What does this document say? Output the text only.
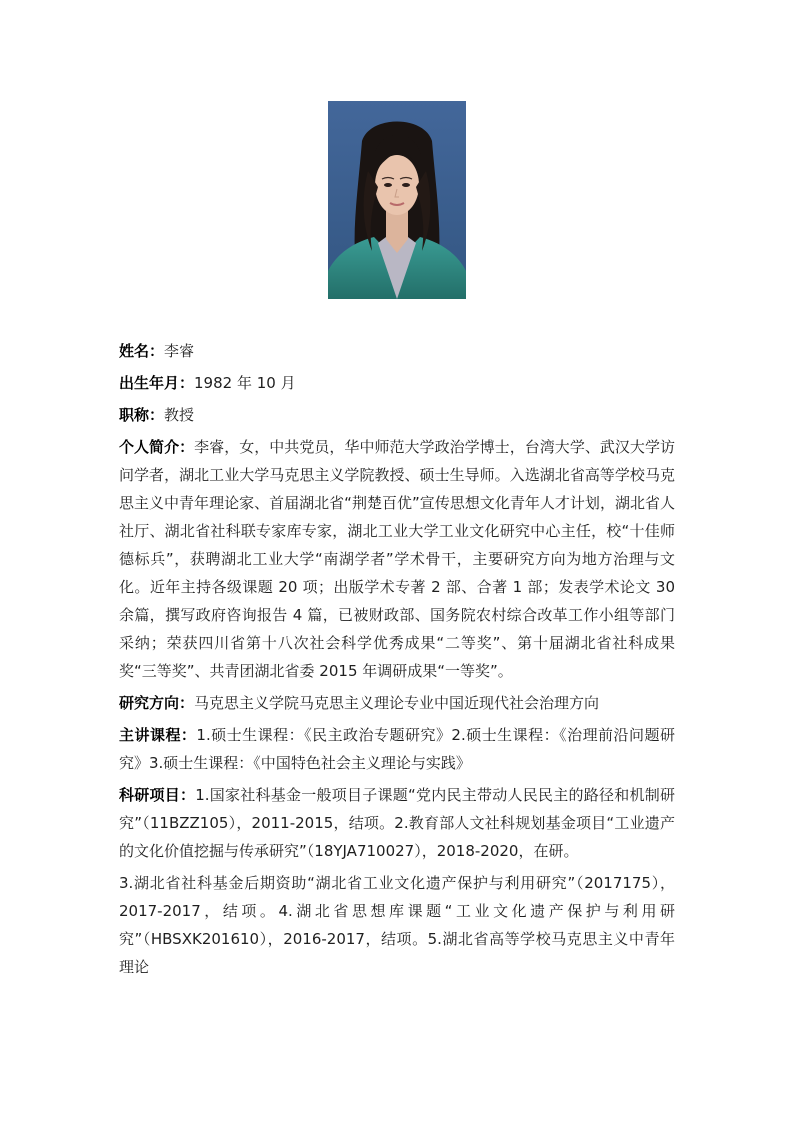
姓名：李睿

出生年月：1982 年 10 月

职称：教授

个人简介：李睿，女，中共党员，华中师范大学政治学博士，台湾大学、武汉大学访问学者，湖北工业大学马克思主义学院教授、硕士生导师。入选湖北省高等学校马克思主义中青年理论家、首届湖北省“荆楚百优”宣传思想文化青年人才计划，湖北省人社厅、湖北省社科联专家库专家，湖北工业大学工业文化研究中心主任，校“十佳师德标兵”，获聘湖北工业大学“南湖学者”学术骨干，主要研究方向为地方治理与文化。近年主持各级课题 20 项；出版学术专著 2 部、合著 1 部；发表学术论文 30 余篇，撰写政府咨询报告 4 篇，已被财政部、国务院农村综合改革工作小组等部门采纳；荣获四川省第十八次社会科学优秀成果“二等奖”、第十届湖北省社科成果奖“三等奖”、共青团湖北省委 2015 年调研成果“一等奖”。

研究方向：马克思主义学院马克思主义理论专业中国近现代社会治理方向

主讲课程：1.硕士生课程：《民主政治专题研究》2.硕士生课程：《治理前沿问题研究》3.硕士生课程：《中国特色社会主义理论与实践》

科研项目：1.国家社科基金一般项目子课题“党内民主带动人民民主的路径和机制研究”（11BZZ105），2011-2015，结项。2.教育部人文社科规划基金项目“工业遗产的文化价值挖掘与传承研究”（18YJA710027），2018-2020，在研。

3.湖北省社科基金后期资助“湖北省工业文化遗产保护与利用研究”（2017175），2017-2017，结项。4.湖北省思想库课题“工业文化遗产保护与利用研究”（HBSXK201610），2016-2017，结项。5.湖北省高等学校马克思主义中青年理论
